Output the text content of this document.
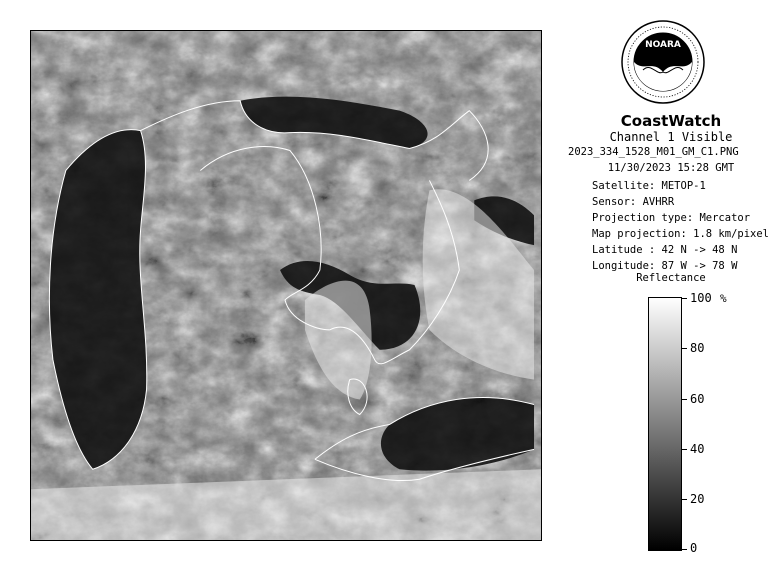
NOARA
CoastWatch
Channel 1 Visible
2023_334_1528_M01_GM_C1.PNG
11/30/2023 15:28 GMT
Satellite: METOP-1
Sensor: AVHRR
Projection type: Mercator
Map projection: 1.8 km/pixel
Latitude : 42 N -> 48 N
Longitude: 87 W -> 78 W
Reflectance
%
100
80
60
40
20
0
